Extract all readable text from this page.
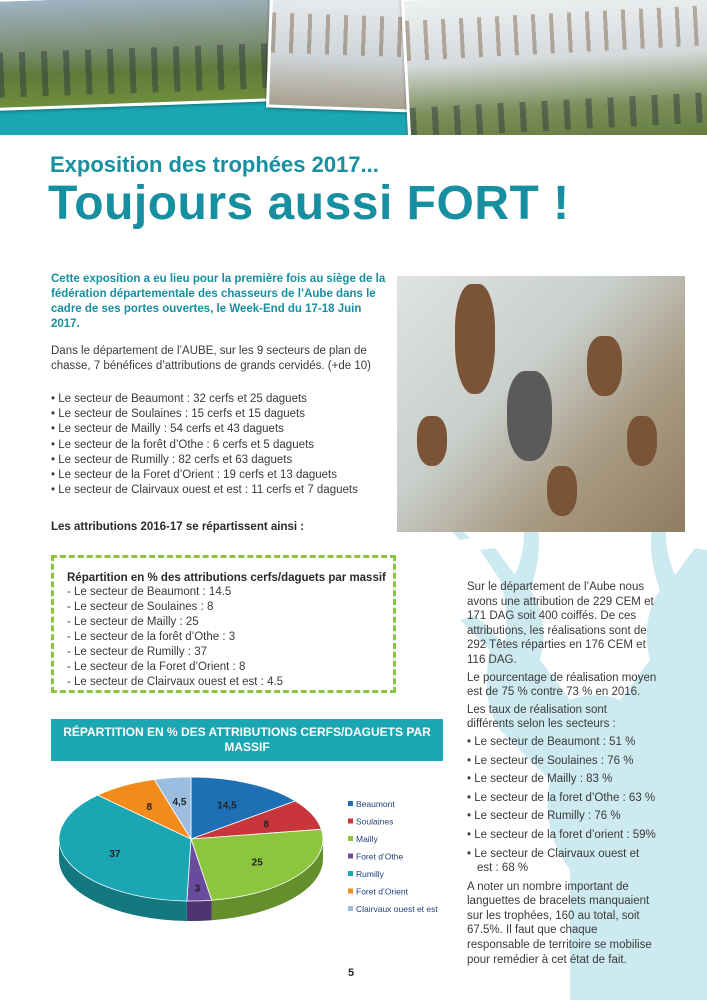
Exposition des trophées 2017...
Toujours aussi FORT !
Cette exposition a eu lieu pour la première fois au siège de la fédération départementale des chasseurs de l’Aube dans le cadre de ses portes ouvertes, le Week-End du 17-18 Juin 2017.
Dans le département de l’AUBE, sur les 9 secteurs de plan de chasse, 7 bénéfices d’attributions de grands cervidés. (+de 10)
• Le secteur de Beaumont : 32 cerfs et 25 daguets
• Le secteur de Soulaines : 15 cerfs et 15 daguets
• Le secteur de Mailly : 54 cerfs et 43 daguets
• Le secteur de la forêt d’Othe : 6 cerfs et 5 daguets
• Le secteur de Rumilly : 82 cerfs et 63 daguets
• Le secteur de la Foret d’Orient : 19 cerfs et 13 daguets
• Le secteur de Clairvaux ouest et est : 11 cerfs et 7 daguets
Les attributions 2016-17 se répartissent ainsi :
Répartition en % des attributions cerfs/daguets par massif
- Le secteur de Beaumont : 14.5
- Le secteur de Soulaines : 8
- Le secteur de Mailly : 25
- Le secteur de la forêt d’Othe : 3
- Le secteur de Rumilly : 37
- Le secteur de la Foret d’Orient : 8
- Le secteur de Clairvaux ouest et est : 4.5
RÉPARTITION EN % DES ATTRIBUTIONS CERFS/DAGUETS PAR MASSIF
14,5
8
25
3
37
8 4,5	Beaumont
Soulaines
Mailly
Foret d’Othe
Rumilly
Foret d’Orient
Clairvaux ouest et est

Sur le département de l’Aube nous avons une attribution de 229 CEM et 171 DAG soit 400 coiffés. De ces attributions, les réalisations sont de 292 Têtes réparties en 176 CEM et 116 DAG.

Le pourcentage de réalisation moyen est de 75 % contre 73 % en 2016.

Les taux de réalisation sont différents selon les secteurs :

• Le secteur de Beaumont : 51 %
• Le secteur de Soulaines : 76 %
• Le secteur de Mailly : 83 %
• Le secteur de la foret d’Othe : 63 %
• Le secteur de Rumilly : 76 %
• Le secteur de la foret d’orient : 59%
• Le secteur de Clairvaux ouest et est : 68 %

A noter un nombre important de languettes de bracelets manquaient sur les trophées, 160 au total, soit 67.5%. Il faut que chaque responsable de territoire se mobilise pour remédier à cet état de fait.

5
